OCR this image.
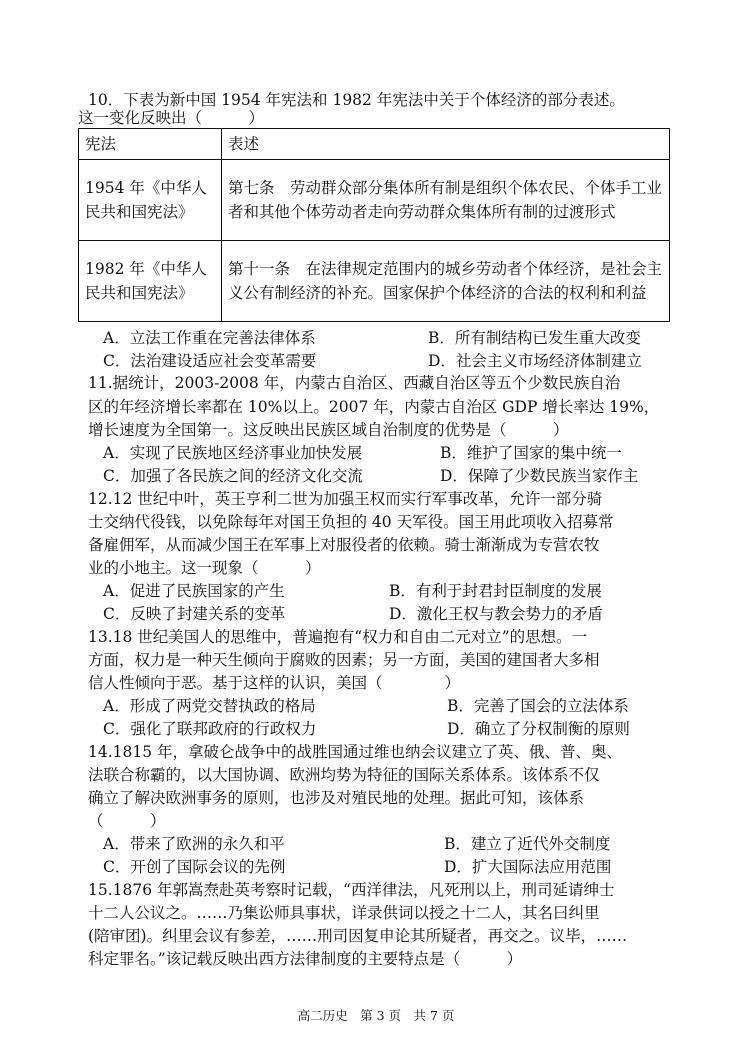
10．下表为新中国 1954 年宪法和 1982 年宪法中关于个体经济的部分表述。
这一变化反映出（　　　）
宪法	表述
1954 年《中华人民共和国宪法》	第七条　劳动群众部分集体所有制是组织个体农民、个体手工业者和其他个体劳动者走向劳动群众集体所有制的过渡形式
1982 年《中华人民共和国宪法》	第十一条　在法律规定范围内的城乡劳动者个体经济，是社会主义公有制经济的补充。国家保护个体经济的合法的权利和利益
A．立法工作重在完善法律体系	B．所有制结构已发生重大改变
C．法治建设适应社会变革需要	D．社会主义市场经济体制建立
11.据统计，2003-2008 年，内蒙古自治区、西藏自治区等五个少数民族自治
区的年经济增长率都在 10%以上。2007 年，内蒙古自治区 GDP 增长率达 19%，
增长速度为全国第一。这反映出民族区域自治制度的优势是（　　　）
A．实现了民族地区经济事业加快发展	B．维护了国家的集中统一
C．加强了各民族之间的经济文化交流	D．保障了少数民族当家作主
12.12 世纪中叶，英王亨利二世为加强王权而实行军事改革，允许一部分骑
士交纳代役钱，以免除每年对国王负担的 40 天军役。国王用此项收入招募常
备雇佣军，从而减少国王在军事上对服役者的依赖。骑士渐渐成为专营农牧
业的小地主。这一现象（　　　）
A．促进了民族国家的产生	B．有利于封君封臣制度的发展
C．反映了封建关系的变革	D．激化王权与教会势力的矛盾
13.18 世纪美国人的思维中，普遍抱有“权力和自由二元对立”的思想。一
方面，权力是一种天生倾向于腐败的因素；另一方面，美国的建国者大多相
信人性倾向于恶。基于这样的认识，美国（　　　　）
A．形成了两党交替执政的格局	B．完善了国会的立法体系
C．强化了联邦政府的行政权力	D．确立了分权制衡的原则
14.1815 年，拿破仑战争中的战胜国通过维也纳会议建立了英、俄、普、奥、
法联合称霸的，以大国协调、欧洲均势为特征的国际关系体系。该体系不仅
确立了解决欧洲事务的原则，也涉及对殖民地的处理。据此可知，该体系
（　　　）
A．带来了欧洲的永久和平	B．建立了近代外交制度
C．开创了国际会议的先例	D．扩大国际法应用范围
15.1876 年郭嵩焘赴英考察时记载，“西洋律法，凡死刑以上，刑司延请绅士
十二人公议之。……乃集讼师具事状，详录供词以授之十二人，其名曰纠里
(陪审团)。纠里会议有参差，……刑司因复申论其所疑者，再交之。议毕，……
科定罪名。”该记载反映出西方法律制度的主要特点是（　　　）
高二历史　第 3 页　共 7 页
